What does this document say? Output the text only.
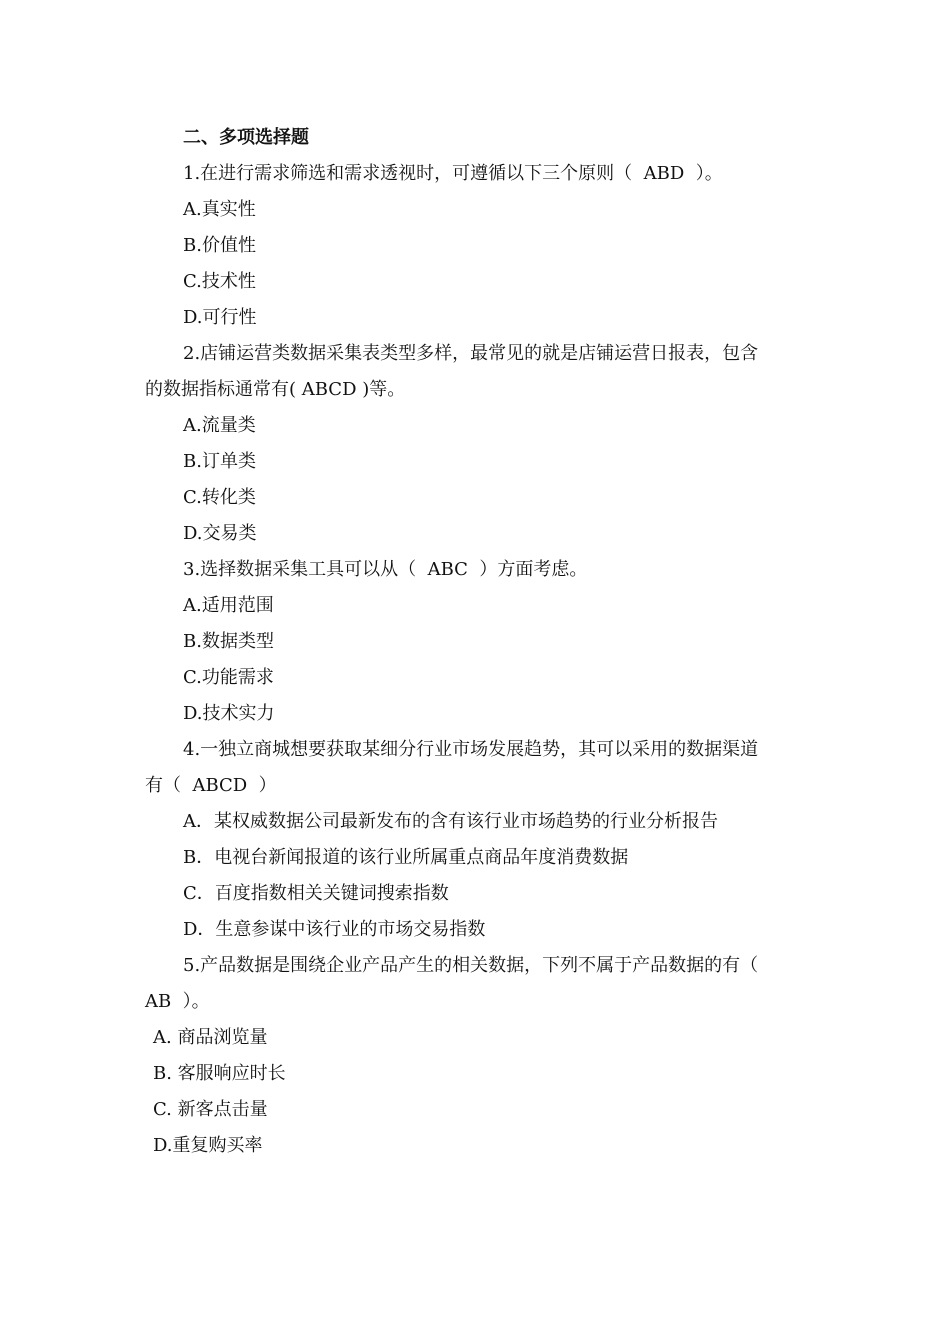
二、多项选择题
1.在进行需求筛选和需求透视时，可遵循以下三个原则（  ABD  ）。
A.真实性
B.价值性
C.技术性
D.可行性
2.店铺运营类数据采集表类型多样，最常见的就是店铺运营日报表，包含
的数据指标通常有( ABCD )等。
A.流量类
B.订单类
C.转化类
D.交易类
3.选择数据采集工具可以从（  ABC  ）方面考虑。
A.适用范围
B.数据类型
C.功能需求
D.技术实力
4.一独立商城想要获取某细分行业市场发展趋势，其可以采用的数据渠道
有（  ABCD  ）
A．某权威数据公司最新发布的含有该行业市场趋势的行业分析报告
B．电视台新闻报道的该行业所属重点商品年度消费数据
C．百度指数相关关键词搜索指数
D．生意参谋中该行业的市场交易指数
5.产品数据是围绕企业产品产生的相关数据，下列不属于产品数据的有（
AB  ）。
A. 商品浏览量
B. 客服响应时长
C. 新客点击量
D.重复购买率
